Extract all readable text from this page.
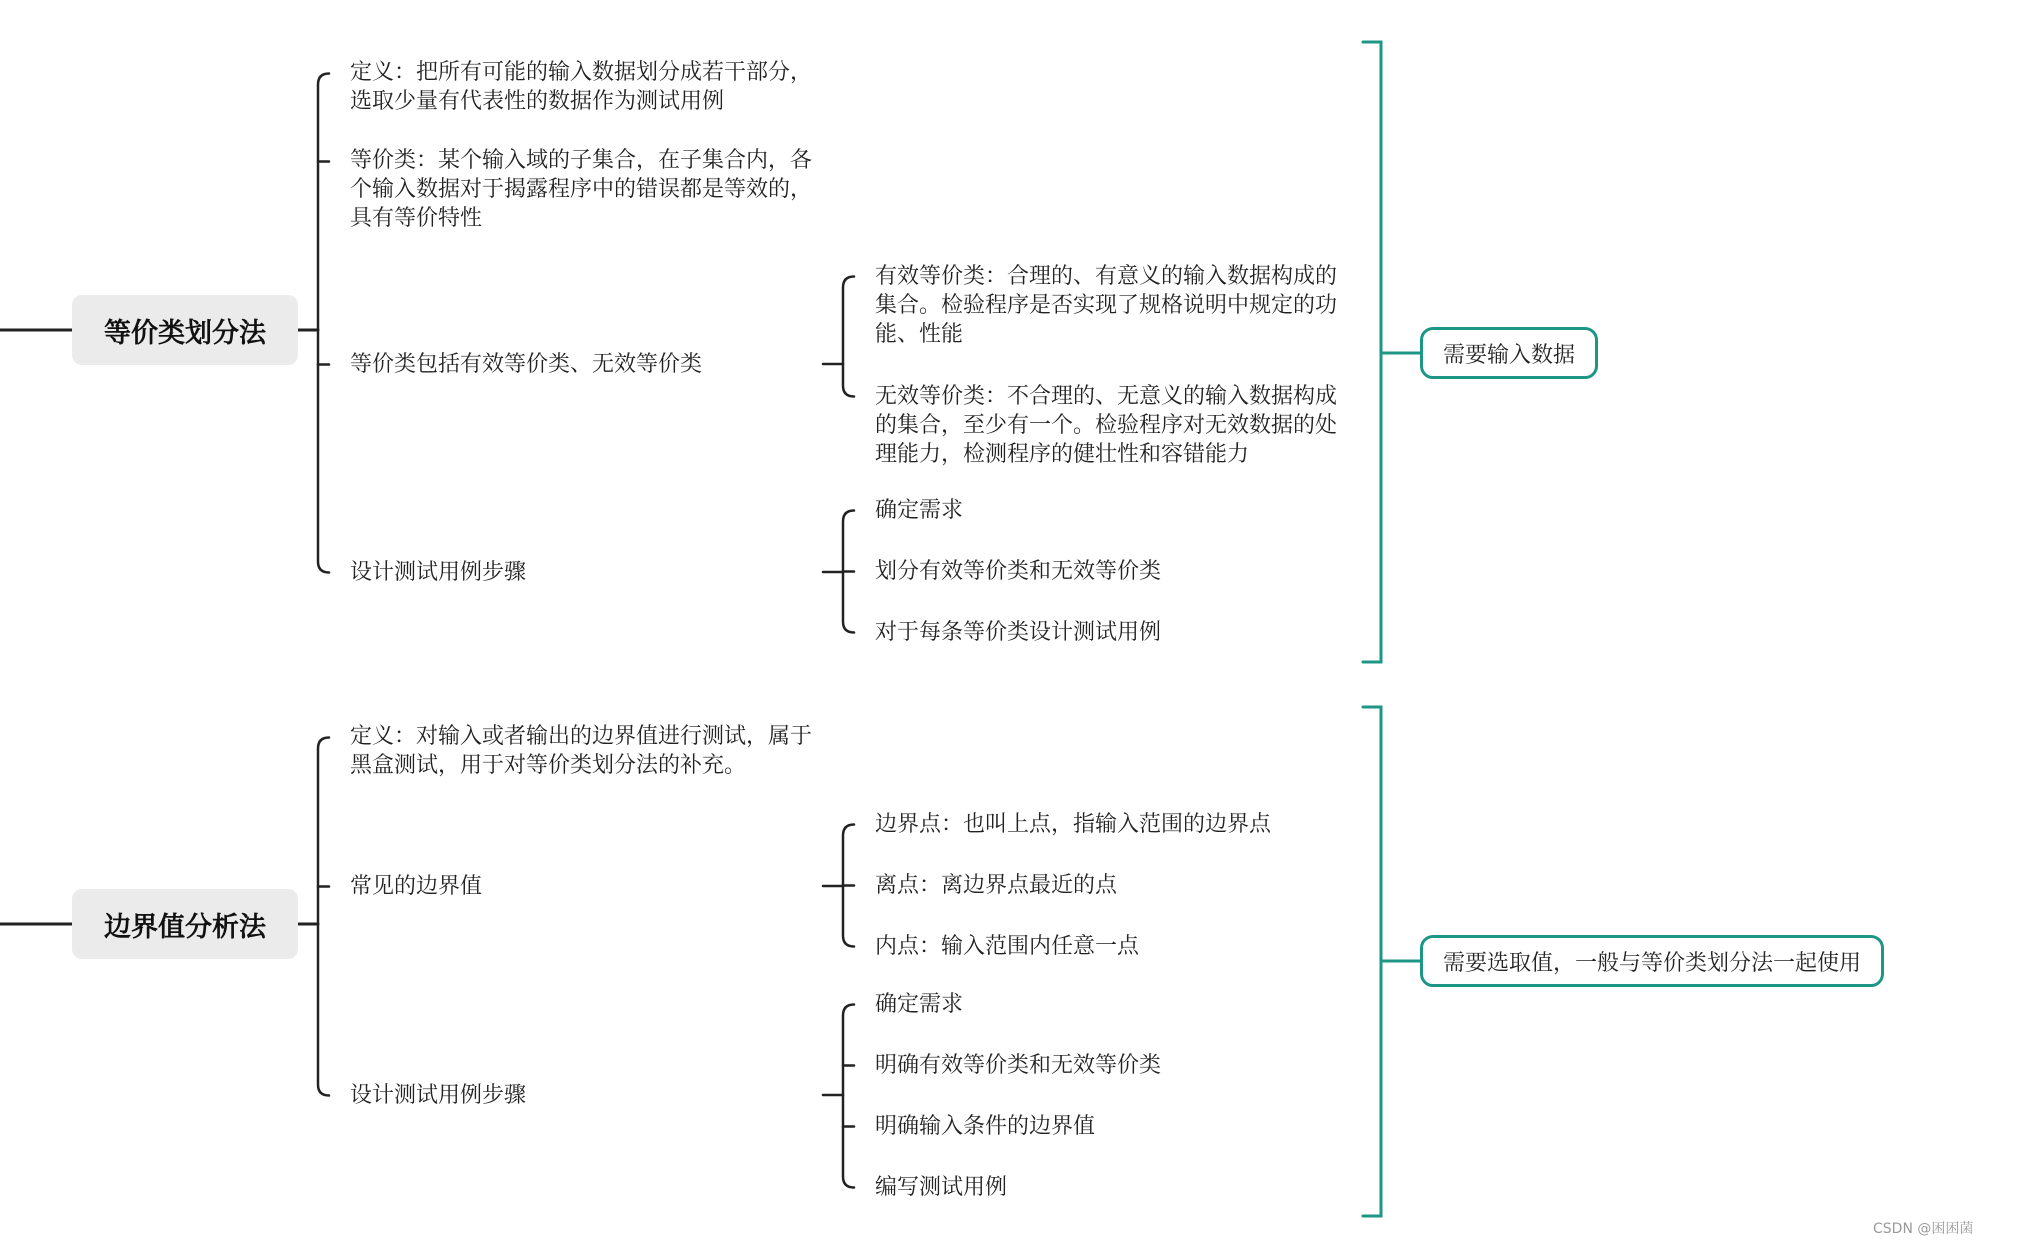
等价类划分法
定义：把所有可能的输入数据划分成若干部分，
选取少量有代表性的数据作为测试用例
等价类：某个输入域的子集合，在子集合内，各
个输入数据对于揭露程序中的错误都是等效的，
具有等价特性
等价类包括有效等价类、无效等价类
有效等价类：合理的、有意义的输入数据构成的
集合。检验程序是否实现了规格说明中规定的功
能、性能
无效等价类：不合理的、无意义的输入数据构成
的集合，至少有一个。检验程序对无效数据的处
理能力，检测程序的健壮性和容错能力
设计测试用例步骤
确定需求
划分有效等价类和无效等价类
对于每条等价类设计测试用例
需要输入数据
边界值分析法
定义：对输入或者输出的边界值进行测试，属于
黑盒测试，用于对等价类划分法的补充。
常见的边界值
边界点：也叫上点，指输入范围的边界点
离点：离边界点最近的点
内点：输入范围内任意一点
设计测试用例步骤
确定需求
明确有效等价类和无效等价类
明确输入条件的边界值
编写测试用例
需要选取值，一般与等价类划分法一起使用
CSDN @困困菌
